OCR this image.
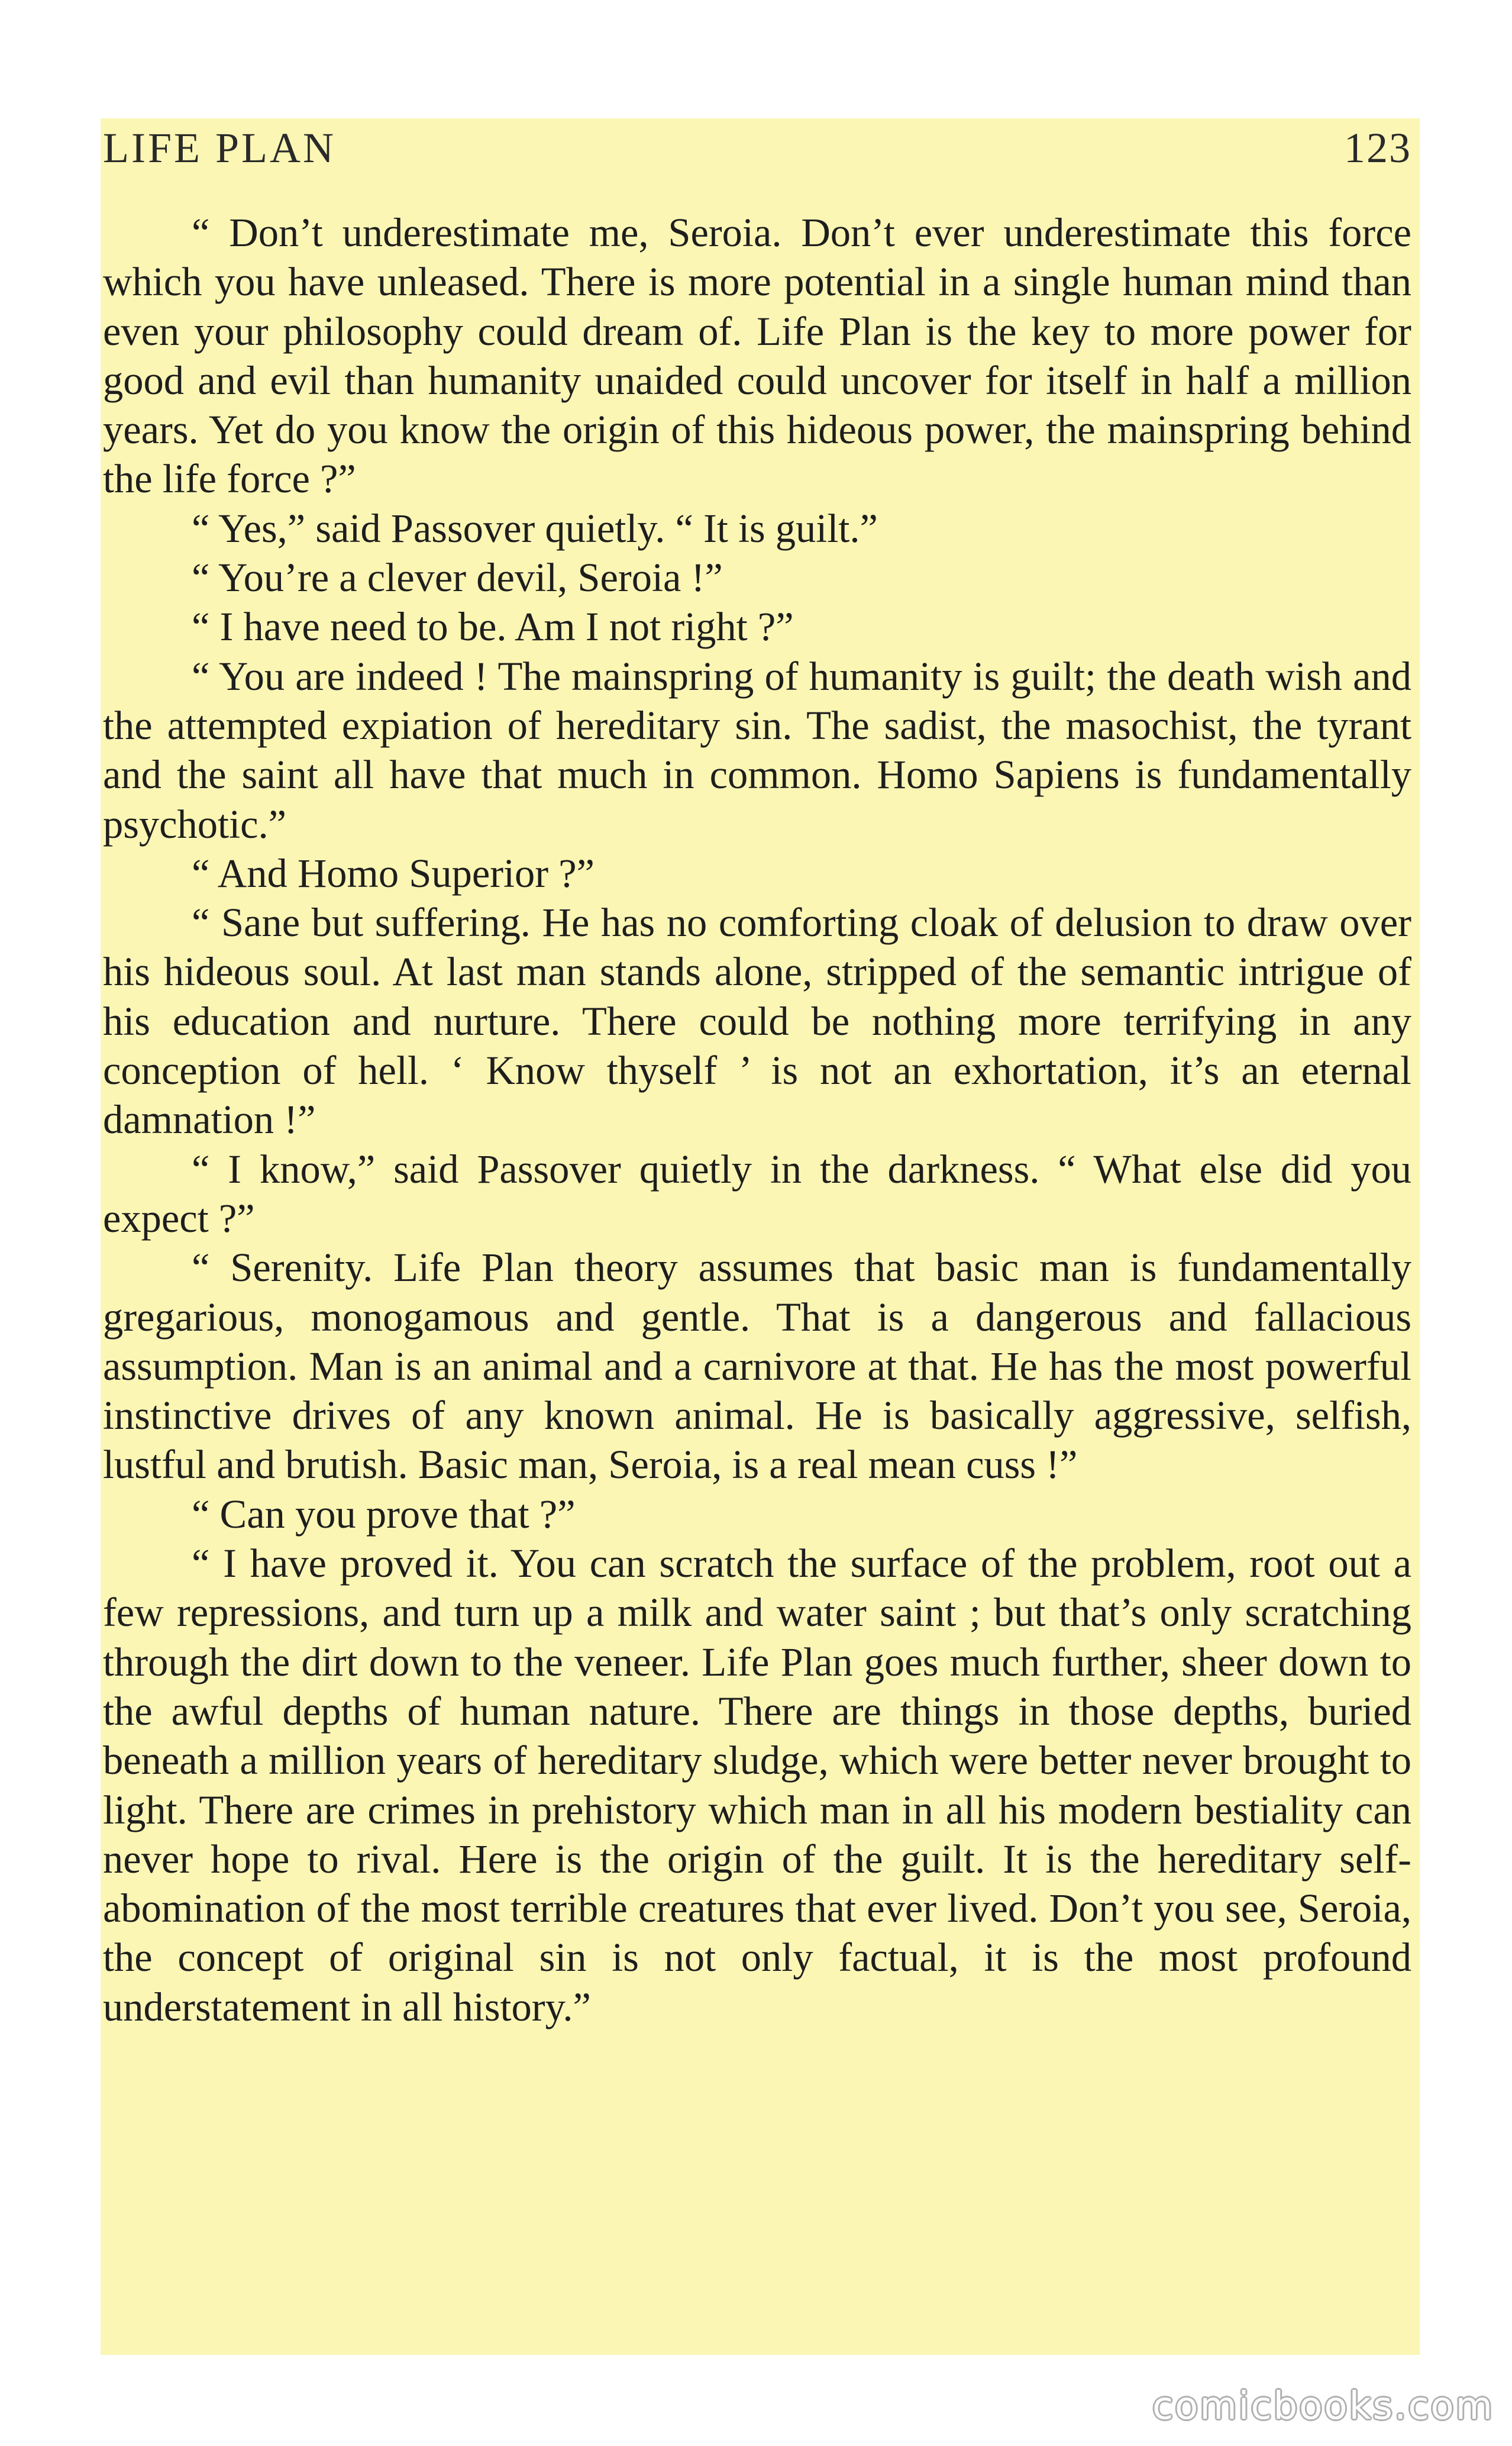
LIFE PLAN	123

“ Don’t underestimate me, Seroia. Don’t ever underestimate this force which you have unleased. There is more potential in a single human mind than even your philosophy could dream of. Life Plan is the key to more power for good and evil than humanity unaided could uncover for itself in half a million years. Yet do you know the origin of this hideous power, the mainspring behind the life force ?”

“ Yes,” said Passover quietly. “ It is guilt.”

“ You’re a clever devil, Seroia !”

“ I have need to be. Am I not right ?”

“ You are indeed ! The mainspring of humanity is guilt; the death wish and the attempted expiation of hereditary sin. The sadist, the masochist, the tyrant and the saint all have that much in common. Homo Sapiens is fundamentally psychotic.”

“ And Homo Superior ?”

“ Sane but suffering. He has no comforting cloak of delusion to draw over his hideous soul. At last man stands alone, stripped of the semantic intrigue of his education and nurture. There could be nothing more terrifying in any conception of hell. ‘ Know thyself ’ is not an exhortation, it’s an eternal damnation !”

“ I know,” said Passover quietly in the darkness. “ What else did you expect ?”

“ Serenity. Life Plan theory assumes that basic man is fundamentally gregarious, monogamous and gentle. That is a dangerous and fallacious assumption. Man is an animal and a carnivore at that. He has the most powerful instinctive drives of any known animal. He is basically aggressive, selfish, lustful and brutish. Basic man, Seroia, is a real mean cuss !”

“ Can you prove that ?”

“ I have proved it. You can scratch the surface of the problem, root out a few repressions, and turn up a milk and water saint ; but that’s only scratching through the dirt down to the veneer. Life Plan goes much further, sheer down to the awful depths of human nature. There are things in those depths, buried beneath a million years of hereditary sludge, which were better never brought to light. There are crimes in prehistory which man in all his modern bestiality can never hope to rival. Here is the origin of the guilt. It is the hereditary self-abomination of the most terrible creatures that ever lived. Don’t you see, Seroia, the concept of original sin is not only factual, it is the most profound understatement in all history.”

comicbooks.com
